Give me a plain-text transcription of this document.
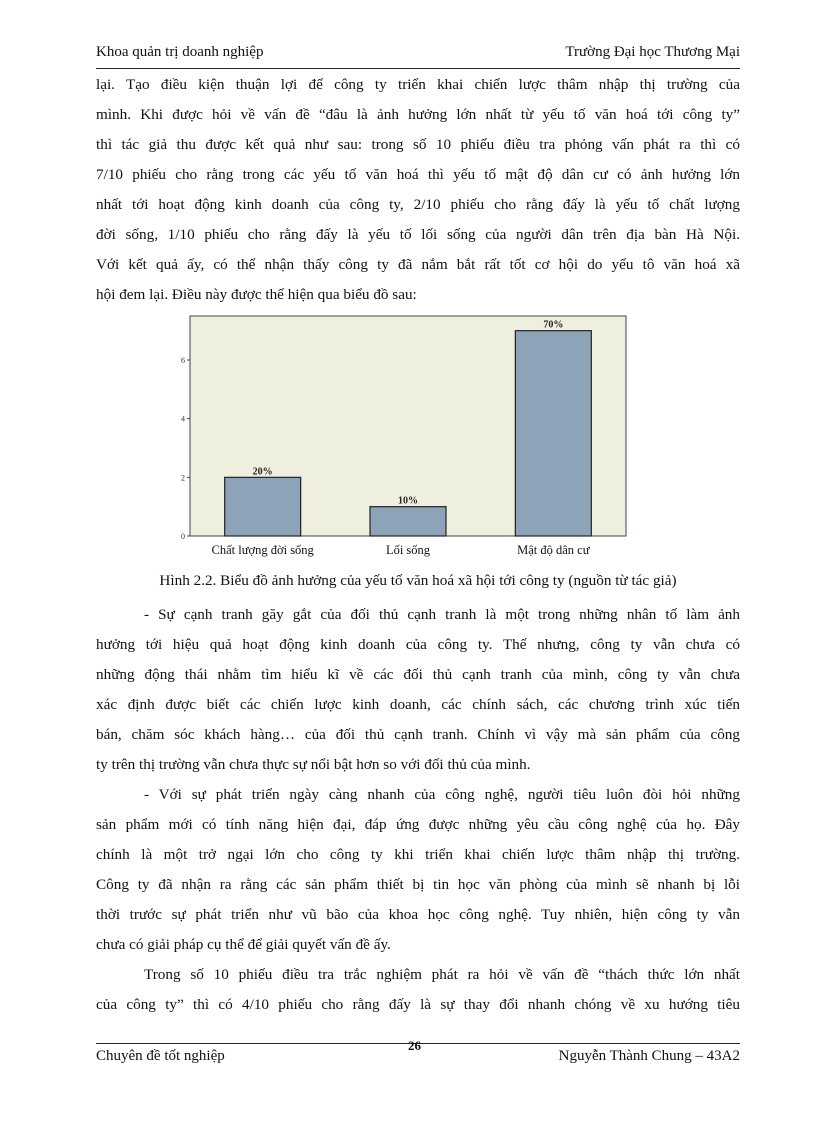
Khoa quản trị doanh nghiệp	Trường Đại học Thương Mại
lại. Tạo điều kiện thuận lợi để công ty triển khai chiến lược thâm nhập thị trường của
mình. Khi được hỏi về vấn đề “đâu là ảnh hưởng lớn nhất từ yếu tố văn hoá tới công ty”
thì tác giả thu được kết quả như sau: trong số 10 phiếu điều tra phỏng vấn phát ra thì có
7/10 phiếu cho rằng trong các yếu tố văn hoá thì yếu tố mật độ dân cư có ảnh hưởng lớn
nhất tới hoạt động kinh doanh của công ty, 2/10 phiếu cho rằng đấy là yếu tố chất lượng
đời sống, 1/10 phiếu cho rằng đấy là yếu tố lối sống của người dân trên địa bàn Hà Nội.
Với kết quả ấy, có thể nhận thấy công ty đã nắm bắt rất tốt cơ hội do yếu tô văn hoá xã
hội đem lại. Điều này được thể hiện qua biểu đồ sau:
0
2
4
6
20%
Chất lượng đời sống
10%
Lối sống
70%
Mật độ dân cư
Hình 2.2. Biểu đồ ảnh hưởng của yếu tố văn hoá xã hội tới công ty (nguồn từ tác giả)
- Sự cạnh tranh găy gắt của đối thủ cạnh tranh là một trong những nhân tố làm ảnh
hưởng tới hiệu quả hoạt động kinh doanh của công ty. Thế nhưng, công ty vẫn chưa có
những động thái nhằm tìm hiểu kĩ về các đối thủ cạnh tranh của mình, công ty vẫn chưa
xác định được biết các chiến lược kinh doanh, các chính sách, các chương trình xúc tiến
bán, chăm sóc khách hàng… của đối thủ cạnh tranh. Chính vì vậy mà sản phẩm của công
ty trên thị trường vẫn chưa thực sự nổi bật hơn so với đối thủ của mình.
- Với sự phát triển ngày càng nhanh của công nghệ, người tiêu luôn đòi hỏi những
sản phẩm mới có tính năng hiện đại, đáp ứng được những yêu cầu công nghệ của họ. Đây
chính là một trở ngại lớn cho công ty khi triển khai chiến lược thâm nhập thị trường.
Công ty đã nhận ra rằng các sản phẩm thiết bị tin học văn phòng của mình sẽ nhanh bị lỗi
thời trước sự phát triển như vũ bão của khoa học công nghệ. Tuy nhiên, hiện công ty vẫn
chưa có giải pháp cụ thể để giải quyết vấn đề ấy.
Trong số 10 phiếu điều tra trắc nghiệm phát ra hỏi về vấn đề “thách thức lớn nhất
của công ty” thì có 4/10 phiếu cho rằng đấy là sự thay đổi nhanh chóng về xu hướng tiêu
Chuyên đề tốt nghiệp
26
Nguyễn Thành Chung – 43A2
